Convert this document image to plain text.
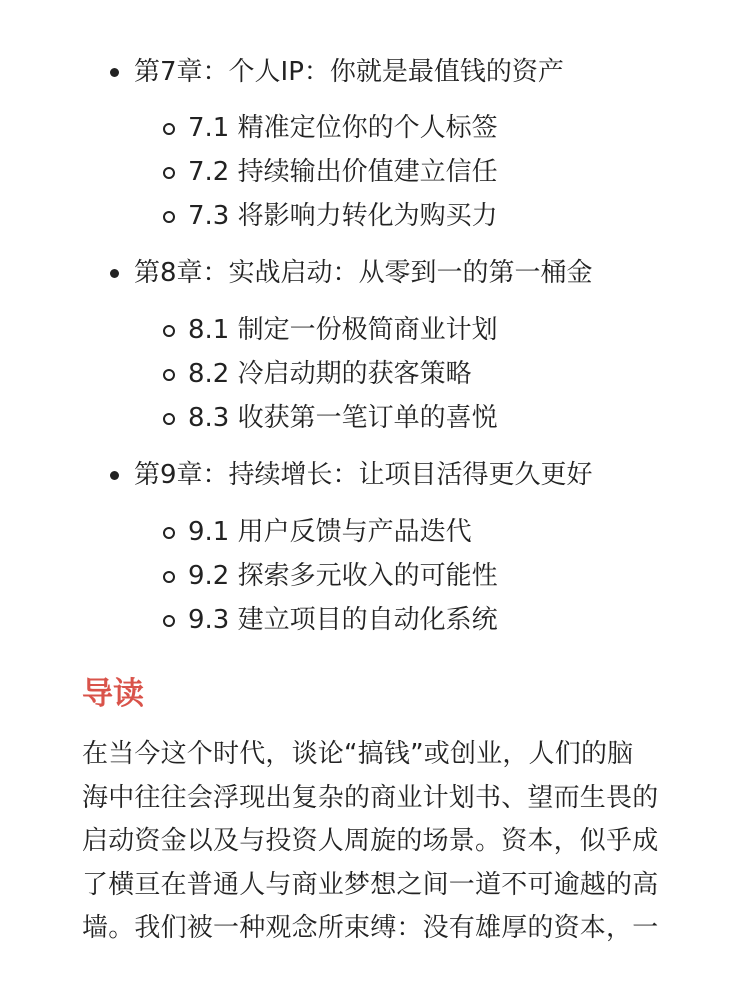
第7章：个人IP：你就是最值钱的资产
7.1 精准定位你的个人标签
7.2 持续输出价值建立信任
7.3 将影响力转化为购买力
第8章：实战启动：从零到一的第一桶金
8.1 制定一份极简商业计划
8.2 冷启动期的获客策略
8.3 收获第一笔订单的喜悦
第9章：持续增长：让项目活得更久更好
9.1 用户反馈与产品迭代
9.2 探索多元收入的可能性
9.3 建立项目的自动化系统
导读
在当今这个时代，谈论“搞钱”或创业，人们的脑
海中往往会浮现出复杂的商业计划书、望而生畏的
启动资金以及与投资人周旋的场景。资本，似乎成
了横亘在普通人与商业梦想之间一道不可逾越的高
墙。我们被一种观念所束缚：没有雄厚的资本，一
